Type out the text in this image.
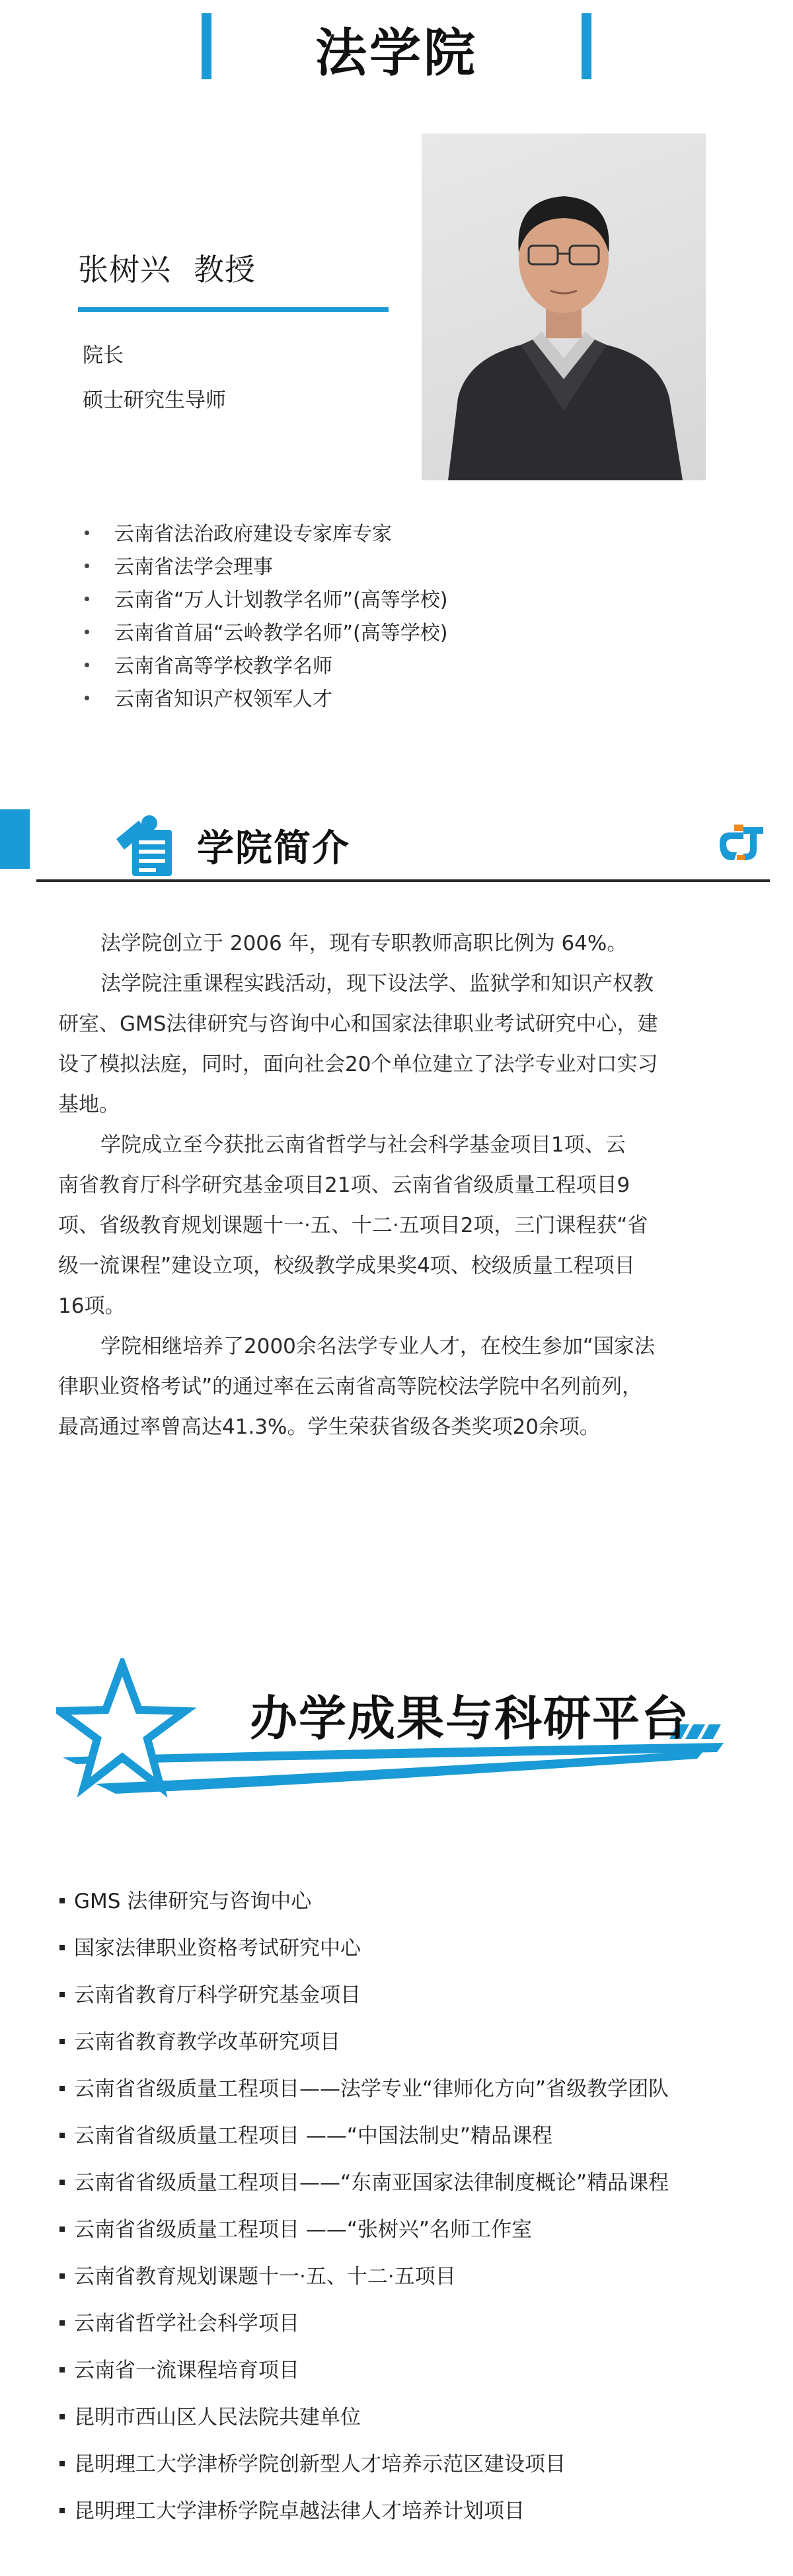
法学院
张树兴 教授
院长
硕士研究生导师
云南省法治政府建设专家库专家
云南省法学会理事
云南省“万人计划教学名师”(高等学校)
云南省首届“云岭教学名师”(高等学校)
云南省高等学校教学名师
云南省知识产权领军人才
学院简介
法学院创立于 2006 年，现有专职教师高职比例为 64%。
法学院注重课程实践活动，现下设法学、监狱学和知识产权教
研室、GMS法律研究与咨询中心和国家法律职业考试研究中心，建
设了模拟法庭，同时，面向社会20个单位建立了法学专业对口实习
基地。
学院成立至今获批云南省哲学与社会科学基金项目1项、云
南省教育厅科学研究基金项目21项、云南省省级质量工程项目9
项、省级教育规划课题十一·五、十二·五项目2项，三门课程获“省
级一流课程”建设立项，校级教学成果奖4项、校级质量工程项目
16项。
学院相继培养了2000余名法学专业人才，在校生参加“国家法
律职业资格考试”的通过率在云南省高等院校法学院中名列前列，
最高通过率曾高达41.3%。学生荣获省级各类奖项20余项。
办学成果与科研平台
GMS 法律研究与咨询中心
国家法律职业资格考试研究中心
云南省教育厅科学研究基金项目
云南省教育教学改革研究项目
云南省省级质量工程项目——法学专业“律师化方向”省级教学团队
云南省省级质量工程项目 ——“中国法制史”精品课程
云南省省级质量工程项目——“东南亚国家法律制度概论”精品课程
云南省省级质量工程项目 ——“张树兴”名师工作室
云南省教育规划课题十一·五、十二·五项目
云南省哲学社会科学项目
云南省一流课程培育项目
昆明市西山区人民法院共建单位
昆明理工大学津桥学院创新型人才培养示范区建设项目
昆明理工大学津桥学院卓越法律人才培养计划项目
